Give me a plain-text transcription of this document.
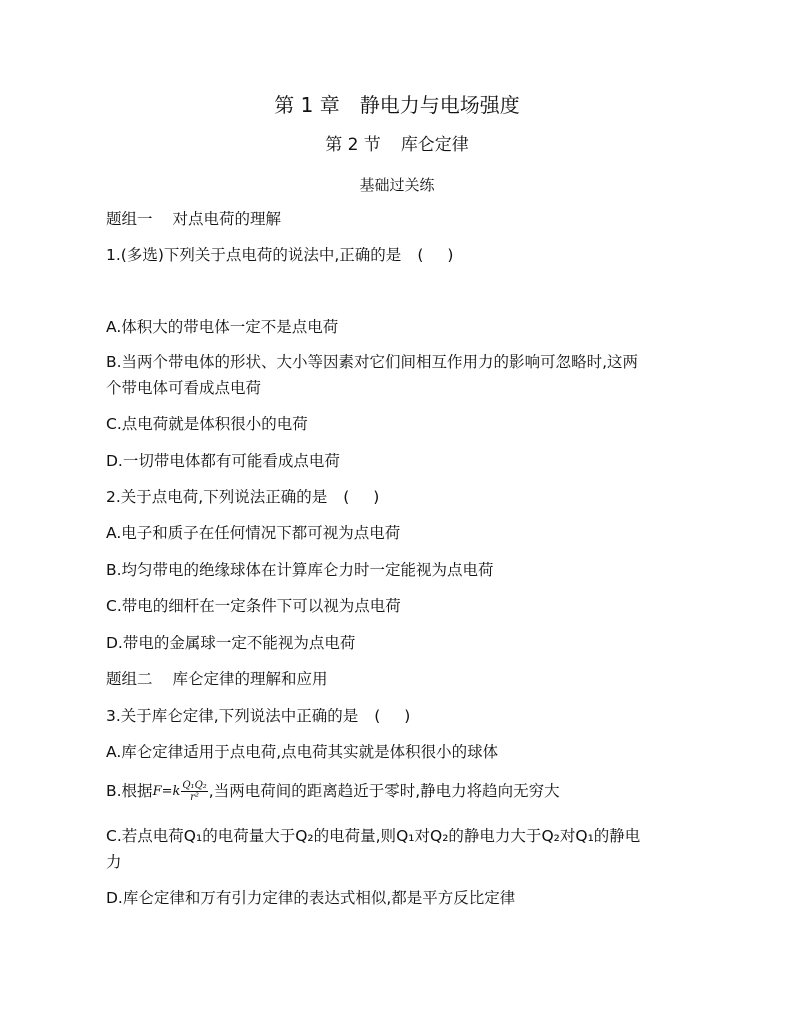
第 1 章 静电力与电场强度
第 2 节 库仑定律
基础过关练
题组一 对点电荷的理解
1.(多选)下列关于点电荷的说法中,正确的是 ( )
A.体积大的带电体一定不是点电荷
B.当两个带电体的形状、大小等因素对它们间相互作用力的影响可忽略时,这两
个带电体可看成点电荷
C.点电荷就是体积很小的电荷
D.一切带电体都有可能看成点电荷
2.关于点电荷,下列说法正确的是 ( )
A.电子和质子在任何情况下都可视为点电荷
B.均匀带电的绝缘球体在计算库仑力时一定能视为点电荷
C.带电的细杆在一定条件下可以视为点电荷
D.带电的金属球一定不能视为点电荷
题组二 库仑定律的理解和应用
3.关于库仑定律,下列说法中正确的是 ( )
A.库仑定律适用于点电荷,点电荷其实就是体积很小的球体
B.根据$F=k \frac{\text{Q₁Q₂}}{\text{r²}}$ ,当两电荷间的距离趋近于零时,静电力将趋向无穷大
C.若点电荷Q₁的电荷量大于Q₂的电荷量,则Q₁对Q₂的静电力大于Q₂对Q₁的静电
力
D.库仑定律和万有引力定律的表达式相似,都是平方反比定律
